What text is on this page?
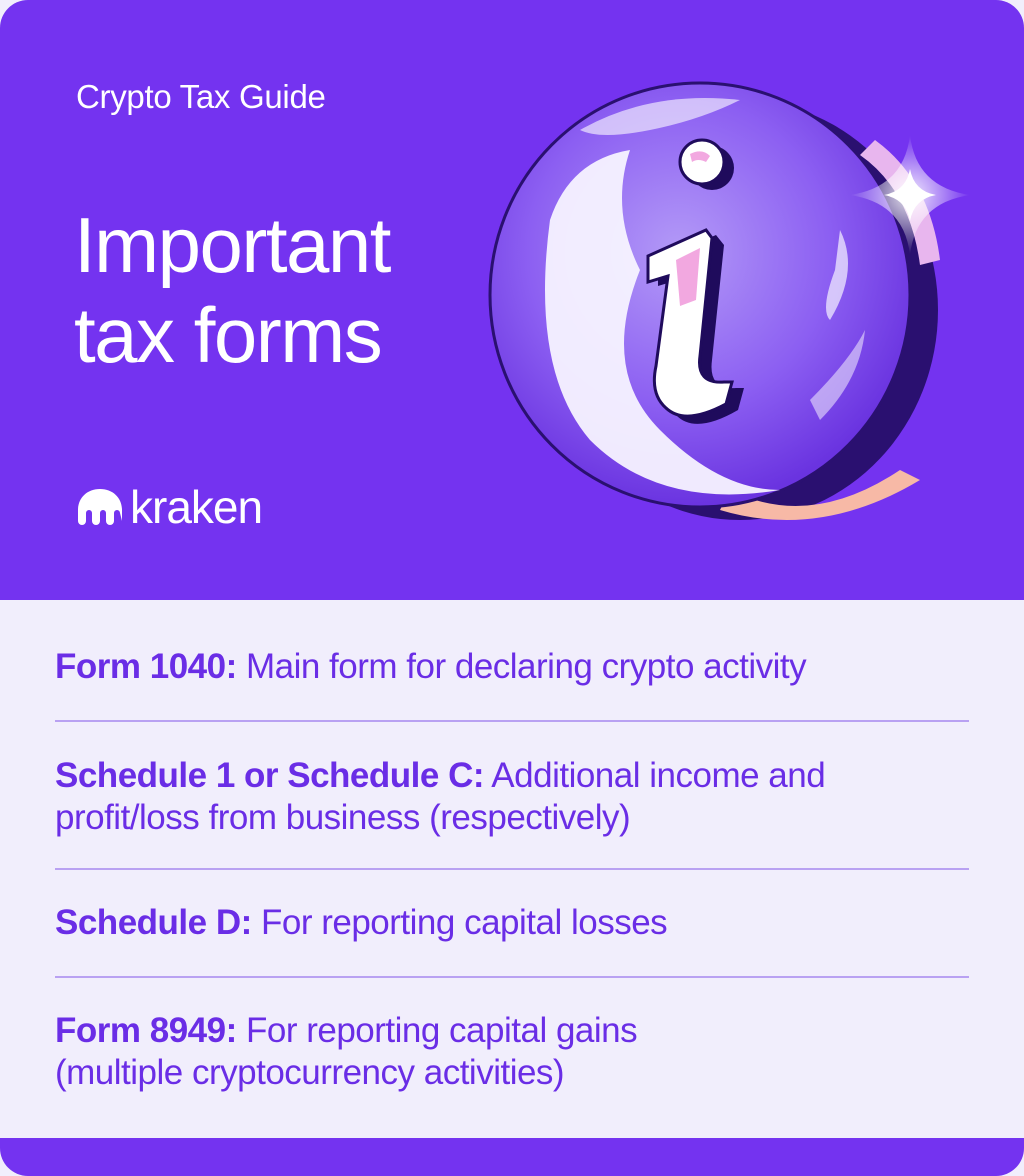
Crypto Tax Guide
Important
tax forms
kraken
Form 1040: Main form for declaring crypto activity
Schedule 1 or Schedule C: Additional income and profit/loss from business (respectively)
Schedule D: For reporting capital losses
Form 8949: For reporting capital gains (multiple cryptocurrency activities)
